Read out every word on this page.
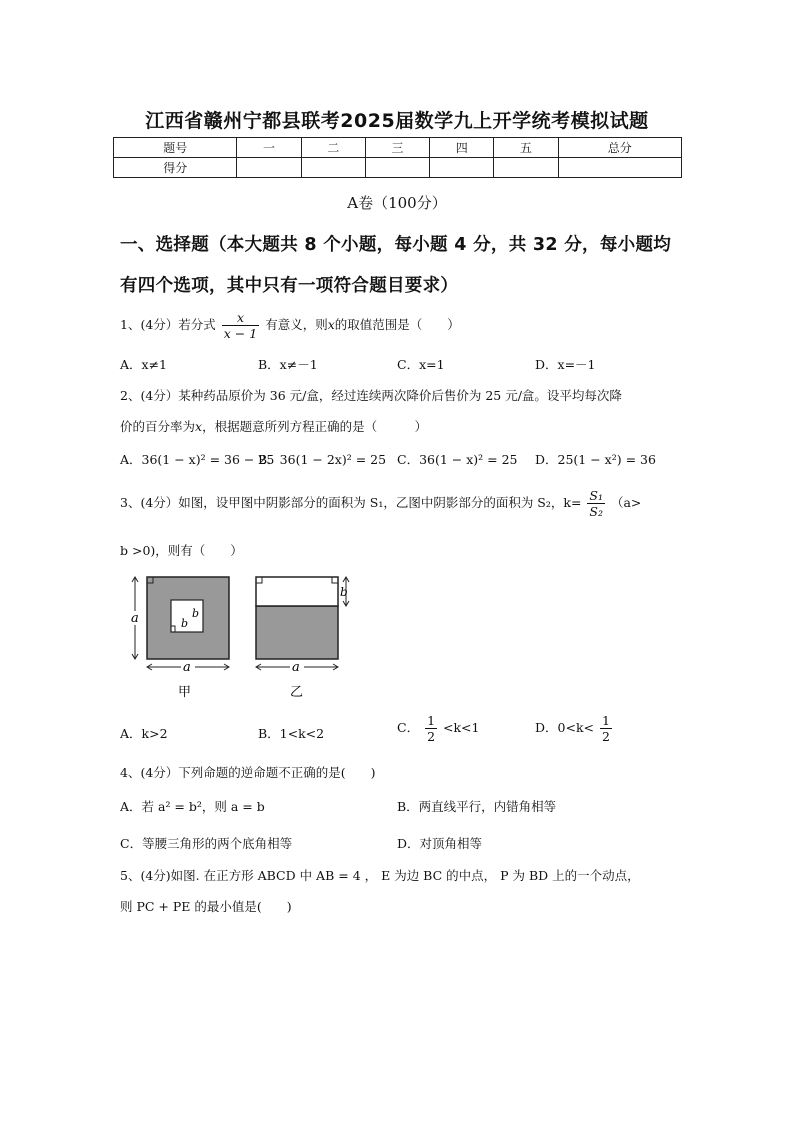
江西省赣州宁都县联考2025届数学九上开学统考模拟试题
题号	一	二	三	四	五	总分
得分						
A卷（100分）
一、选择题（本大题共 8 个小题，每小题 4 分，共 32 分，每小题均
有四个选项，其中只有一项符合题目要求）
1、(4分）若分式 $\frac{x}{x - 1}$ 有意义，则x的取值范围是（　　）
A．x≠1	B．x≠－1	C．x=1	D．x=－1
2、(4分）某种药品原价为 36 元/盒，经过连续两次降价后售价为 25 元/盒。设平均每次降
价的百分率为x，根据题意所列方程正确的是（　　　）
A．36(1 − x)² = 36 − 25
B．36(1 − 2x)² = 25 C．36(1 − x)² = 25 D．25(1 − x²) = 36
3、(4分）如图，设甲图中阴影部分的面积为 S₁，乙图中阴影部分的面积为 S₂，$k= \frac{\text{S₁}}{\text{S₂}} (a>$
b >0)，则有（　　）
b
b
a
a
甲
b
a
乙
A．k>2	B．1<k<2	C． $\frac{1}{2} <k<1$	D．$0<k< \frac{1}{2}$
4、(4分）下列命题的逆命题不正确的是(　　)
A．若 a² = b²，则 a = b	B．两直线平行，内错角相等
C．等腰三角形的两个底角相等	D．对顶角相等
5、(4分)如图. 在正方形 ABCD 中 AB = 4 ， E 为边 BC 的中点， P 为 BD 上的一个动点，
则 PC + PE 的最小值是(　　)
